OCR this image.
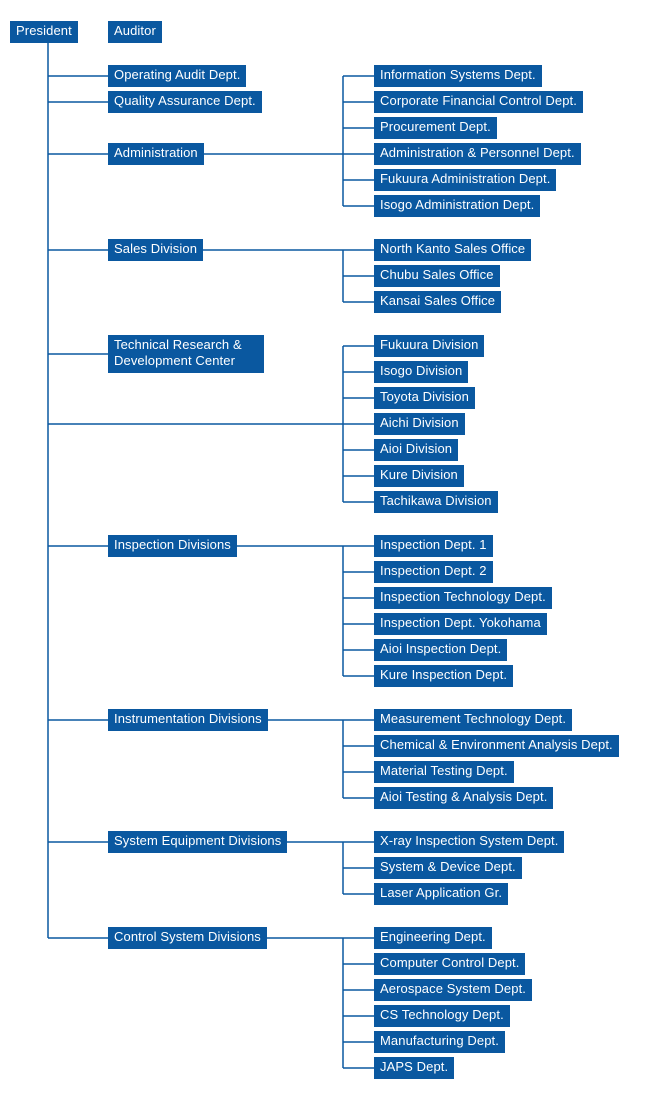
President	Auditor
Operating Audit Dept.
Quality Assurance Dept.
Administration
Sales Division
Technical Research & Development Center
Inspection Divisions
Instrumentation Divisions
System Equipment Divisions
Control System Divisions
Information Systems Dept.
Corporate Financial Control Dept.
Procurement Dept.
Administration & Personnel Dept.
Fukuura Administration Dept.
Isogo Administration Dept.
North Kanto Sales Office
Chubu Sales Office
Kansai Sales Office
Fukuura Division
Isogo Division
Toyota Division
Aichi Division
Aioi Division
Kure Division
Tachikawa Division
Inspection Dept. 1
Inspection Dept. 2
Inspection Technology Dept.
Inspection Dept. Yokohama
Aioi Inspection Dept.
Kure Inspection Dept.
Measurement Technology Dept.
Chemical & Environment Analysis Dept.
Material Testing Dept.
Aioi Testing & Analysis Dept.
X-ray Inspection System Dept.
System & Device Dept.
Laser Application Gr.
Engineering Dept.
Computer Control Dept.
Aerospace System Dept.
CS Technology Dept.
Manufacturing Dept.
JAPS Dept.
